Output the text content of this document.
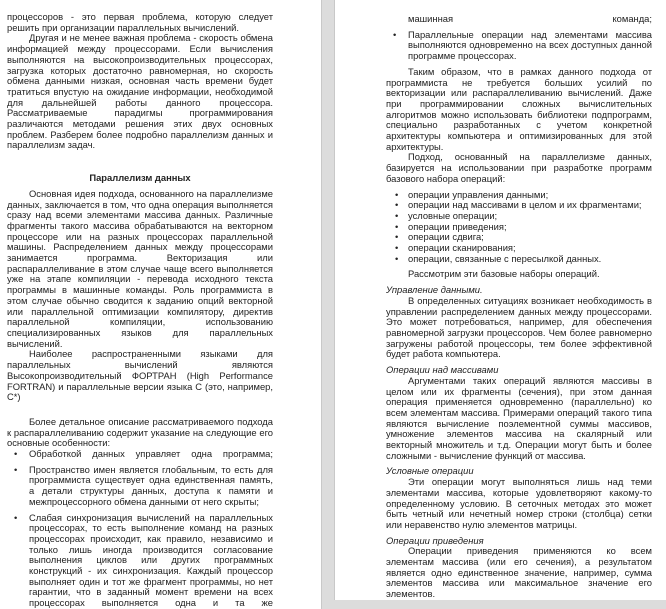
процессоров - это первая проблема, которую следует решить при организации параллельных вычислений.

Другая и не менее важная проблема - скорость обмена информацией между процессорами. Если вычисления выполняются на высокопроизводительных процессорах, загрузка которых достаточно равномерная, но скорость обмена данными низкая, основная часть времени будет тратиться впустую на ожидание информации, необходимой для дальнейшей работы данного процессора. Рассматриваемые парадигмы программирования различаются методами решения этих двух основных проблем. Разберем более подробно параллелизм данных и параллелизм задач.

Параллелизм данных

Основная идея подхода, основанного на параллелизме данных, заключается в том, что одна операция выполняется сразу над всеми элементами массива данных. Различные фрагменты такого массива обрабатываются на векторном процессоре или на разных процессорах параллельной машины. Распределением данных между процессорами занимается программа. Векторизация или распараллеливание в этом случае чаще всего выполняется уже на этапе компиляции - перевода исходного текста программы в машинные команды. Роль программиста в этом случае обычно сводится к заданию опций векторной или параллельной оптимизации компилятору, директив параллельной компиляции, использованию специализированных языков для параллельных вычислений.

Наиболее распространенными языками для параллельных вычислений являются Высокопроизводительный ФОРТРАН (High Performance FORTRAN) и параллельные версии языка C (это, например, C*)

Более детальное описание рассматриваемого подхода к распараллеливанию содержит указание на следующие его основные особенности:

• Обработкой данных управляет одна программа;
• Пространство имен является глобальным, то есть для программиста существует одна единственная память, а детали структуры данных, доступа к памяти и межпроцессорного обмена данными от него скрыты;
• Слабая синхронизация вычислений на параллельных процессорах, то есть выполнение команд на разных процессорах происходит, как правило, независимо и только лишь иногда производится согласование выполнения циклов или других программных конструкций - их синхронизация. Каждый процессор выполняет один и тот же фрагмент программы, но нет гарантии, что в заданный момент времени на всех процессорах выполняется одна и та же

машинная команда;

• Параллельные операции над элементами массива выполняются одновременно на всех доступных данной программе процессорах.

Таким образом, что в рамках данного подхода от программиста не требуется больших усилий по векторизации или распараллеливанию вычислений. Даже при программировании сложных вычислительных алгоритмов можно использовать библиотеки подпрограмм, специально разработанных с учетом конкретной архитектуры компьютера и оптимизированных для этой архитектуры.

Подход, основанный на параллелизме данных, базируется на использовании при разработке программ базового набора операций:

• операции управления данными;
• операции над массивами в целом и их фрагментами;
• условные операции;
• операции приведения;
• операции сдвига;
• операции сканирования;
• операции, связанные с пересылкой данных.

Рассмотрим эти базовые наборы операций.

Управление данными.

В определенных ситуациях возникает необходимость в управлении распределением данных между процессорами. Это может потребоваться, например, для обеспечения равномерной загрузки процессоров. Чем более равномерно загружены работой процессоры, тем более эффективной будет работа компьютера.

Операции над массивами

Аргументами таких операций являются массивы в целом или их фрагменты (сечения), при этом данная операция применяется одновременно (параллельно) ко всем элементам массива. Примерами операций такого типа являются вычисление поэлементной суммы массивов, умножение элементов массива на скалярный или векторный множитель и т.д. Операции могут быть и более сложными - вычисление функций от массива.

Условные операции

Эти операции могут выполняться лишь над теми элементами массива, которые удовлетворяют какому-то определенному условию. В сеточных методах это может быть четный или нечетный номер строки (столбца) сетки или неравенство нулю элементов матрицы.

Операции приведения

Операции приведения применяются ко всем элементам массива (или его сечения), а результатом является одно единственное значение, например, сумма элементов массива или максимальное значение его элементов.
